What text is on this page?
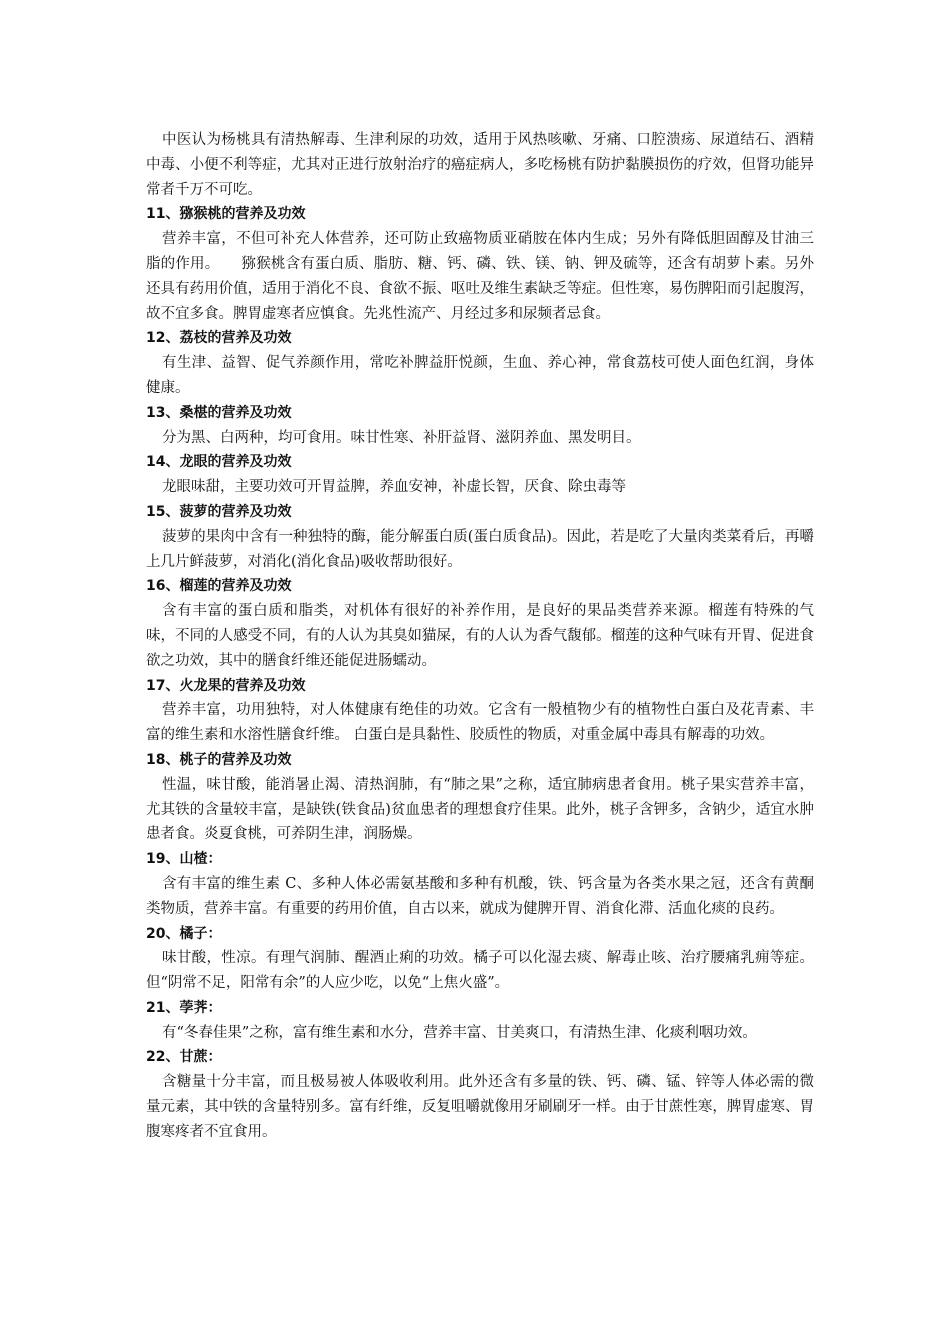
中医认为杨桃具有清热解毒、生津利尿的功效，适用于风热咳嗽、牙痛、口腔溃疡、尿道结石、酒精中毒、小便不利等症，尤其对正进行放射治疗的癌症病人，多吃杨桃有防护黏膜损伤的疗效，但肾功能异常者千万不可吃。

11、猕猴桃的营养及功效

营养丰富，不但可补充人体营养，还可防止致癌物质亚硝胺在体内生成；另外有降低胆固醇及甘油三脂的作用。　　猕猴桃含有蛋白质、脂肪、糖、钙、磷、铁、镁、钠、钾及硫等，还含有胡萝卜素。另外还具有药用价值，适用于消化不良、食欲不振、呕吐及维生素缺乏等症。但性寒，易伤脾阳而引起腹泻，故不宜多食。脾胃虚寒者应慎食。先兆性流产、月经过多和尿频者忌食。

12、荔枝的营养及功效

有生津、益智、促气养颜作用，常吃补脾益肝悦颜，生血、养心神，常食荔枝可使人面色红润，身体健康。

13、桑椹的营养及功效

分为黑、白两种，均可食用。味甘性寒、补肝益肾、滋阴养血、黑发明目。

14、龙眼的营养及功效

龙眼味甜，主要功效可开胃益脾，养血安神，补虚长智，厌食、除虫毒等

15、菠萝的营养及功效

菠萝的果肉中含有一种独特的酶，能分解蛋白质(蛋白质食品)。因此，若是吃了大量肉类菜肴后，再嚼上几片鲜菠萝，对消化(消化食品)吸收帮助很好。

16、榴莲的营养及功效

含有丰富的蛋白质和脂类，对机体有很好的补养作用，是良好的果品类营养来源。榴莲有特殊的气味，不同的人感受不同，有的人认为其臭如猫屎，有的人认为香气馥郁。榴莲的这种气味有开胃、促进食欲之功效，其中的膳食纤维还能促进肠蠕动。

17、火龙果的营养及功效

营养丰富，功用独特，对人体健康有绝佳的功效。它含有一般植物少有的植物性白蛋白及花青素、丰富的维生素和水溶性膳食纤维。 白蛋白是具黏性、胶质性的物质，对重金属中毒具有解毒的功效。

18、桃子的营养及功效

性温，味甘酸，能消暑止渴、清热润肺，有“肺之果”之称，适宜肺病患者食用。桃子果实营养丰富，尤其铁的含量较丰富，是缺铁(铁食品)贫血患者的理想食疗佳果。此外，桃子含钾多，含钠少，适宜水肿患者食。炎夏食桃，可养阴生津，润肠燥。

19、山楂：

含有丰富的维生素 C、多种人体必需氨基酸和多种有机酸，铁、钙含量为各类水果之冠，还含有黄酮类物质，营养丰富。有重要的药用价值，自古以来，就成为健脾开胃、消食化滞、活血化痰的良药。

20、橘子：

味甘酸，性凉。有理气润肺、醒酒止痢的功效。橘子可以化湿去痰、解毒止咳、治疗腰痛乳痈等症。但“阴常不足，阳常有余”的人应少吃，以免“上焦火盛”。

21、荸荠：

有“冬春佳果”之称，富有维生素和水分，营养丰富、甘美爽口，有清热生津、化痰利咽功效。

22、甘蔗：

含糖量十分丰富，而且极易被人体吸收利用。此外还含有多量的铁、钙、磷、锰、锌等人体必需的微量元素，其中铁的含量特别多。富有纤维，反复咀嚼就像用牙刷刷牙一样。由于甘蔗性寒，脾胃虚寒、胃腹寒疼者不宜食用。
